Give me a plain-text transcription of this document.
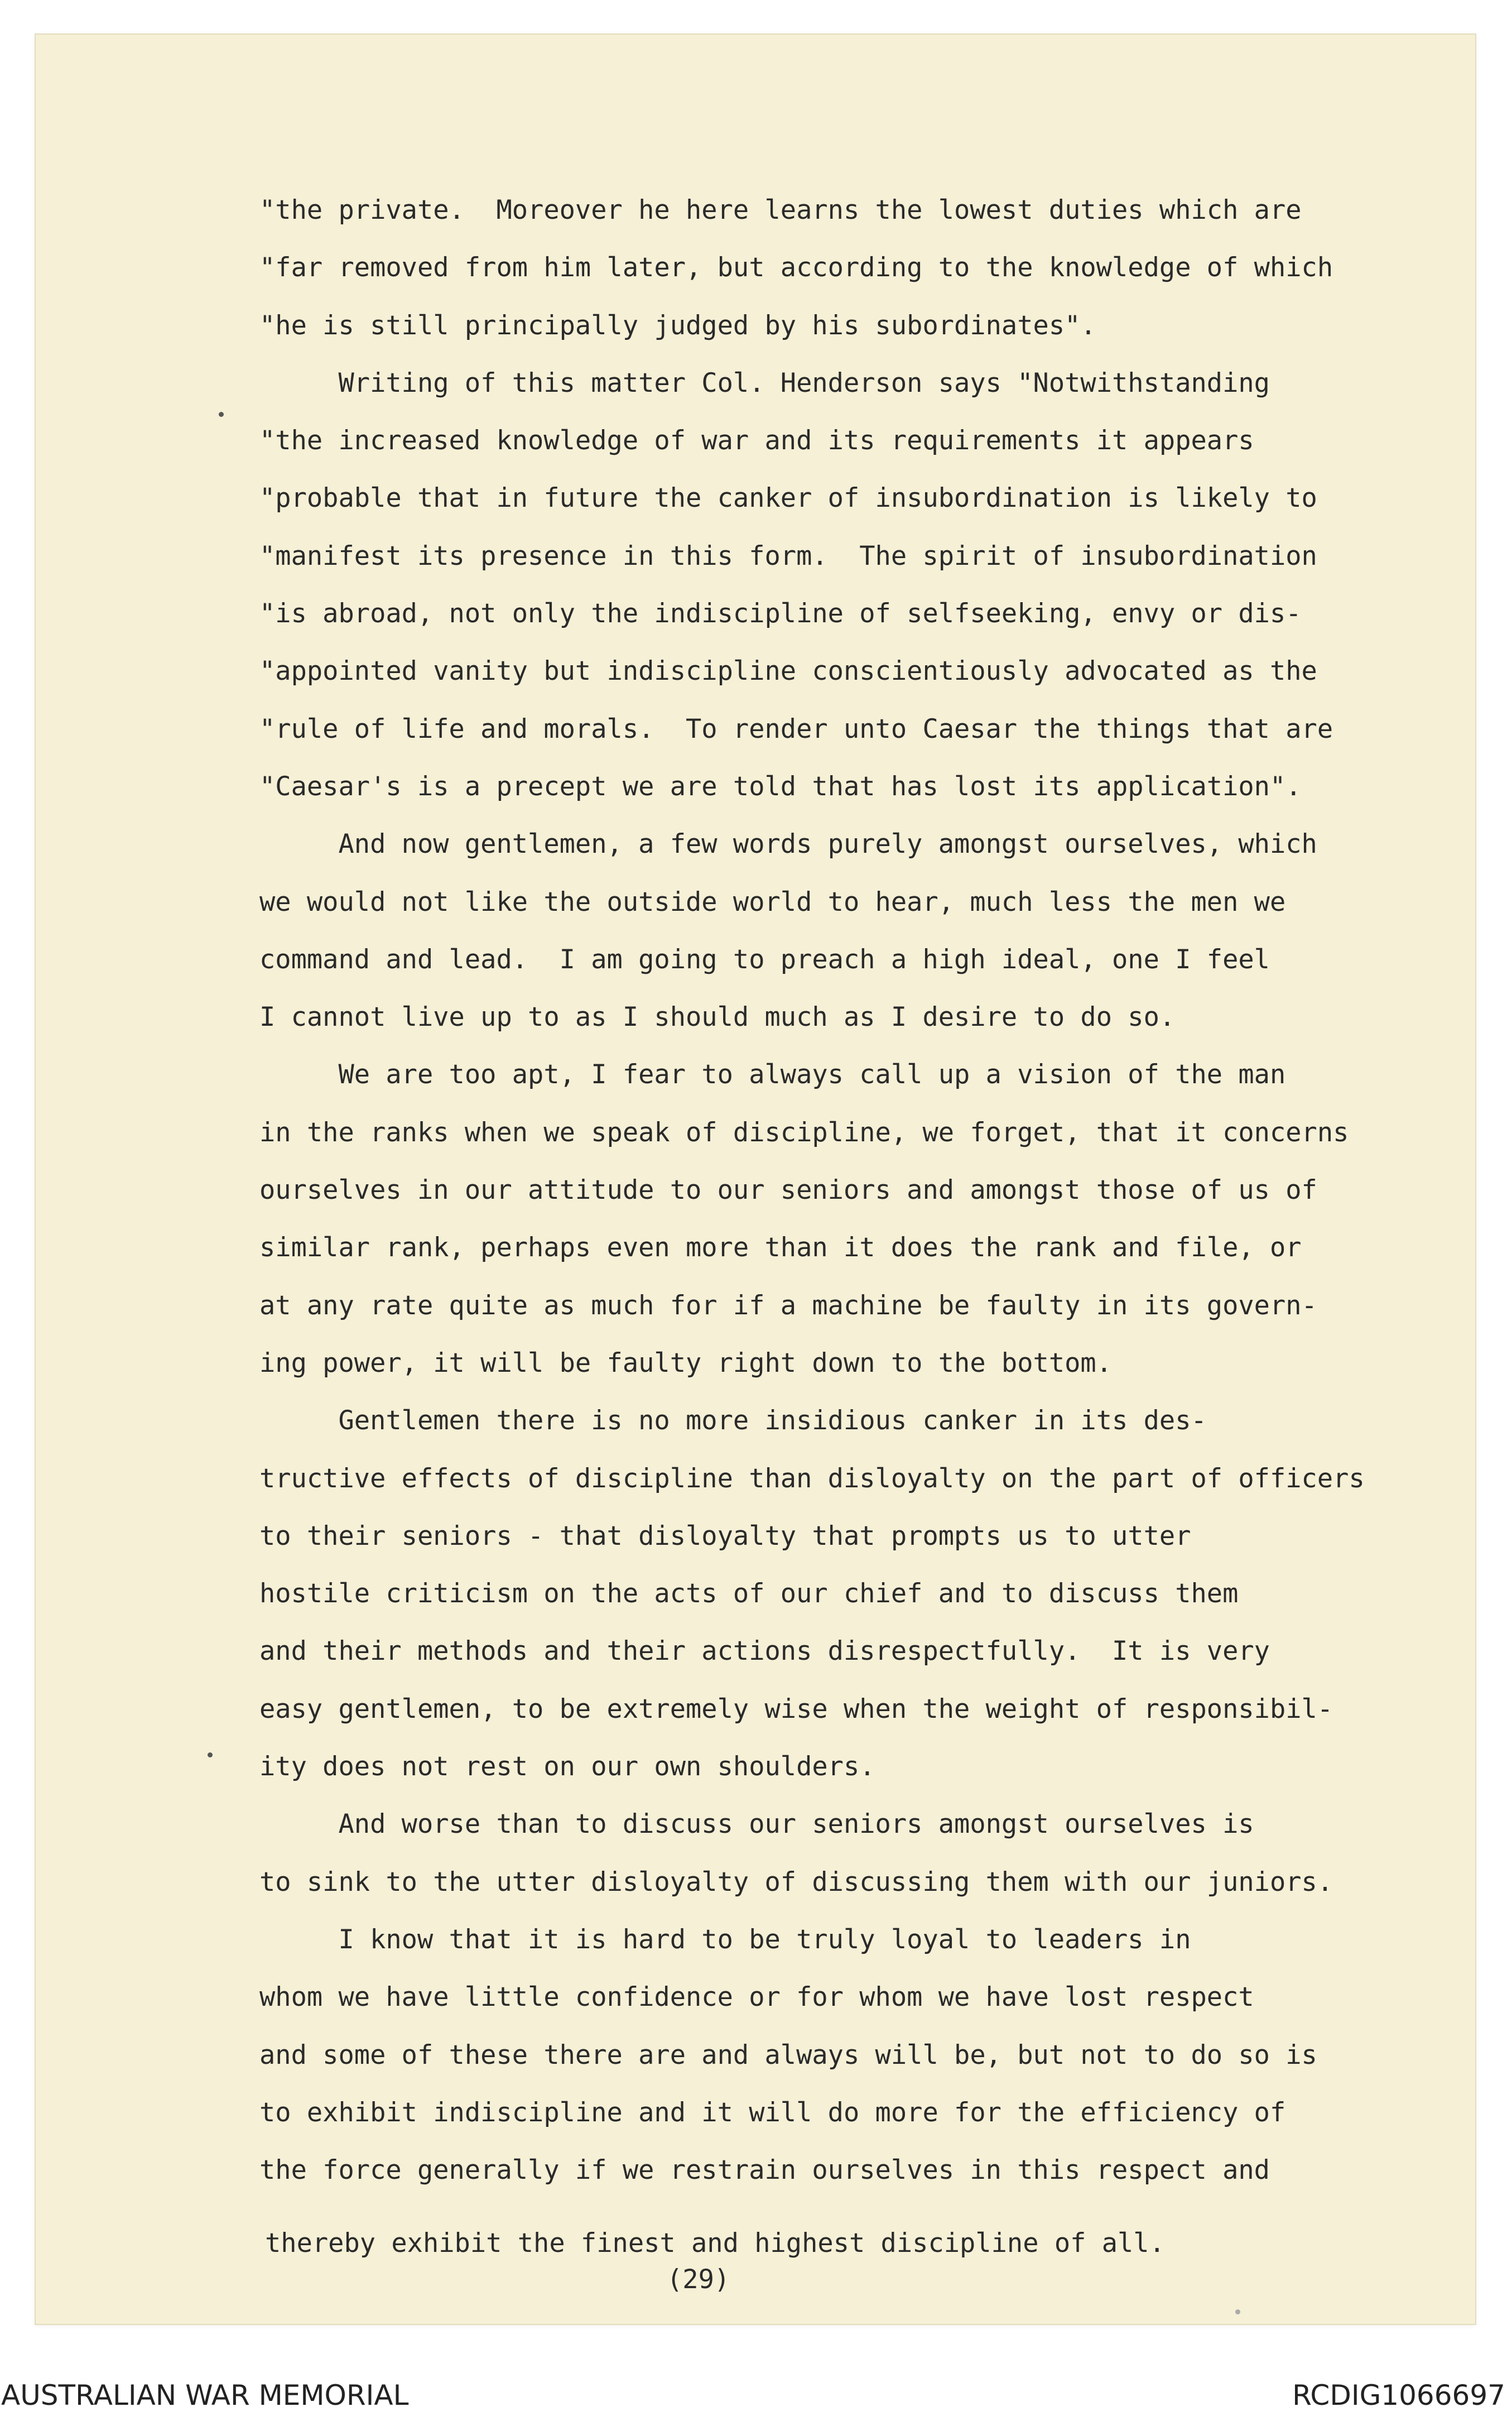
"the private.  Moreover he here learns the lowest duties which are
"far removed from him later, but according to the knowledge of which
"he is still principally judged by his subordinates".
Writing of this matter Col. Henderson says "Notwithstanding
"the increased knowledge of war and its requirements it appears
"probable that in future the canker of insubordination is likely to
"manifest its presence in this form.  The spirit of insubordination
"is abroad, not only the indiscipline of selfseeking, envy or dis-
"appointed vanity but indiscipline conscientiously advocated as the
"rule of life and morals.  To render unto Caesar the things that are
"Caesar's is a precept we are told that has lost its application".
And now gentlemen, a few words purely amongst ourselves, which
we would not like the outside world to hear, much less the men we
command and lead.  I am going to preach a high ideal, one I feel
I cannot live up to as I should much as I desire to do so.
We are too apt, I fear to always call up a vision of the man
in the ranks when we speak of discipline, we forget, that it concerns
ourselves in our attitude to our seniors and amongst those of us of
similar rank, perhaps even more than it does the rank and file, or
at any rate quite as much for if a machine be faulty in its govern-
ing power, it will be faulty right down to the bottom.
Gentlemen there is no more insidious canker in its des-
tructive effects of discipline than disloyalty on the part of officers
to their seniors - that disloyalty that prompts us to utter
hostile criticism on the acts of our chief and to discuss them
and their methods and their actions disrespectfully.  It is very
easy gentlemen, to be extremely wise when the weight of responsibil-
ity does not rest on our own shoulders.
And worse than to discuss our seniors amongst ourselves is
to sink to the utter disloyalty of discussing them with our juniors.
I know that it is hard to be truly loyal to leaders in
whom we have little confidence or for whom we have lost respect
and some of these there are and always will be, but not to do so is
to exhibit indiscipline and it will do more for the efficiency of
the force generally if we restrain ourselves in this respect and
thereby exhibit the finest and highest discipline of all.
(29)
AUSTRALIAN WAR MEMORIAL	RCDIG1066697
